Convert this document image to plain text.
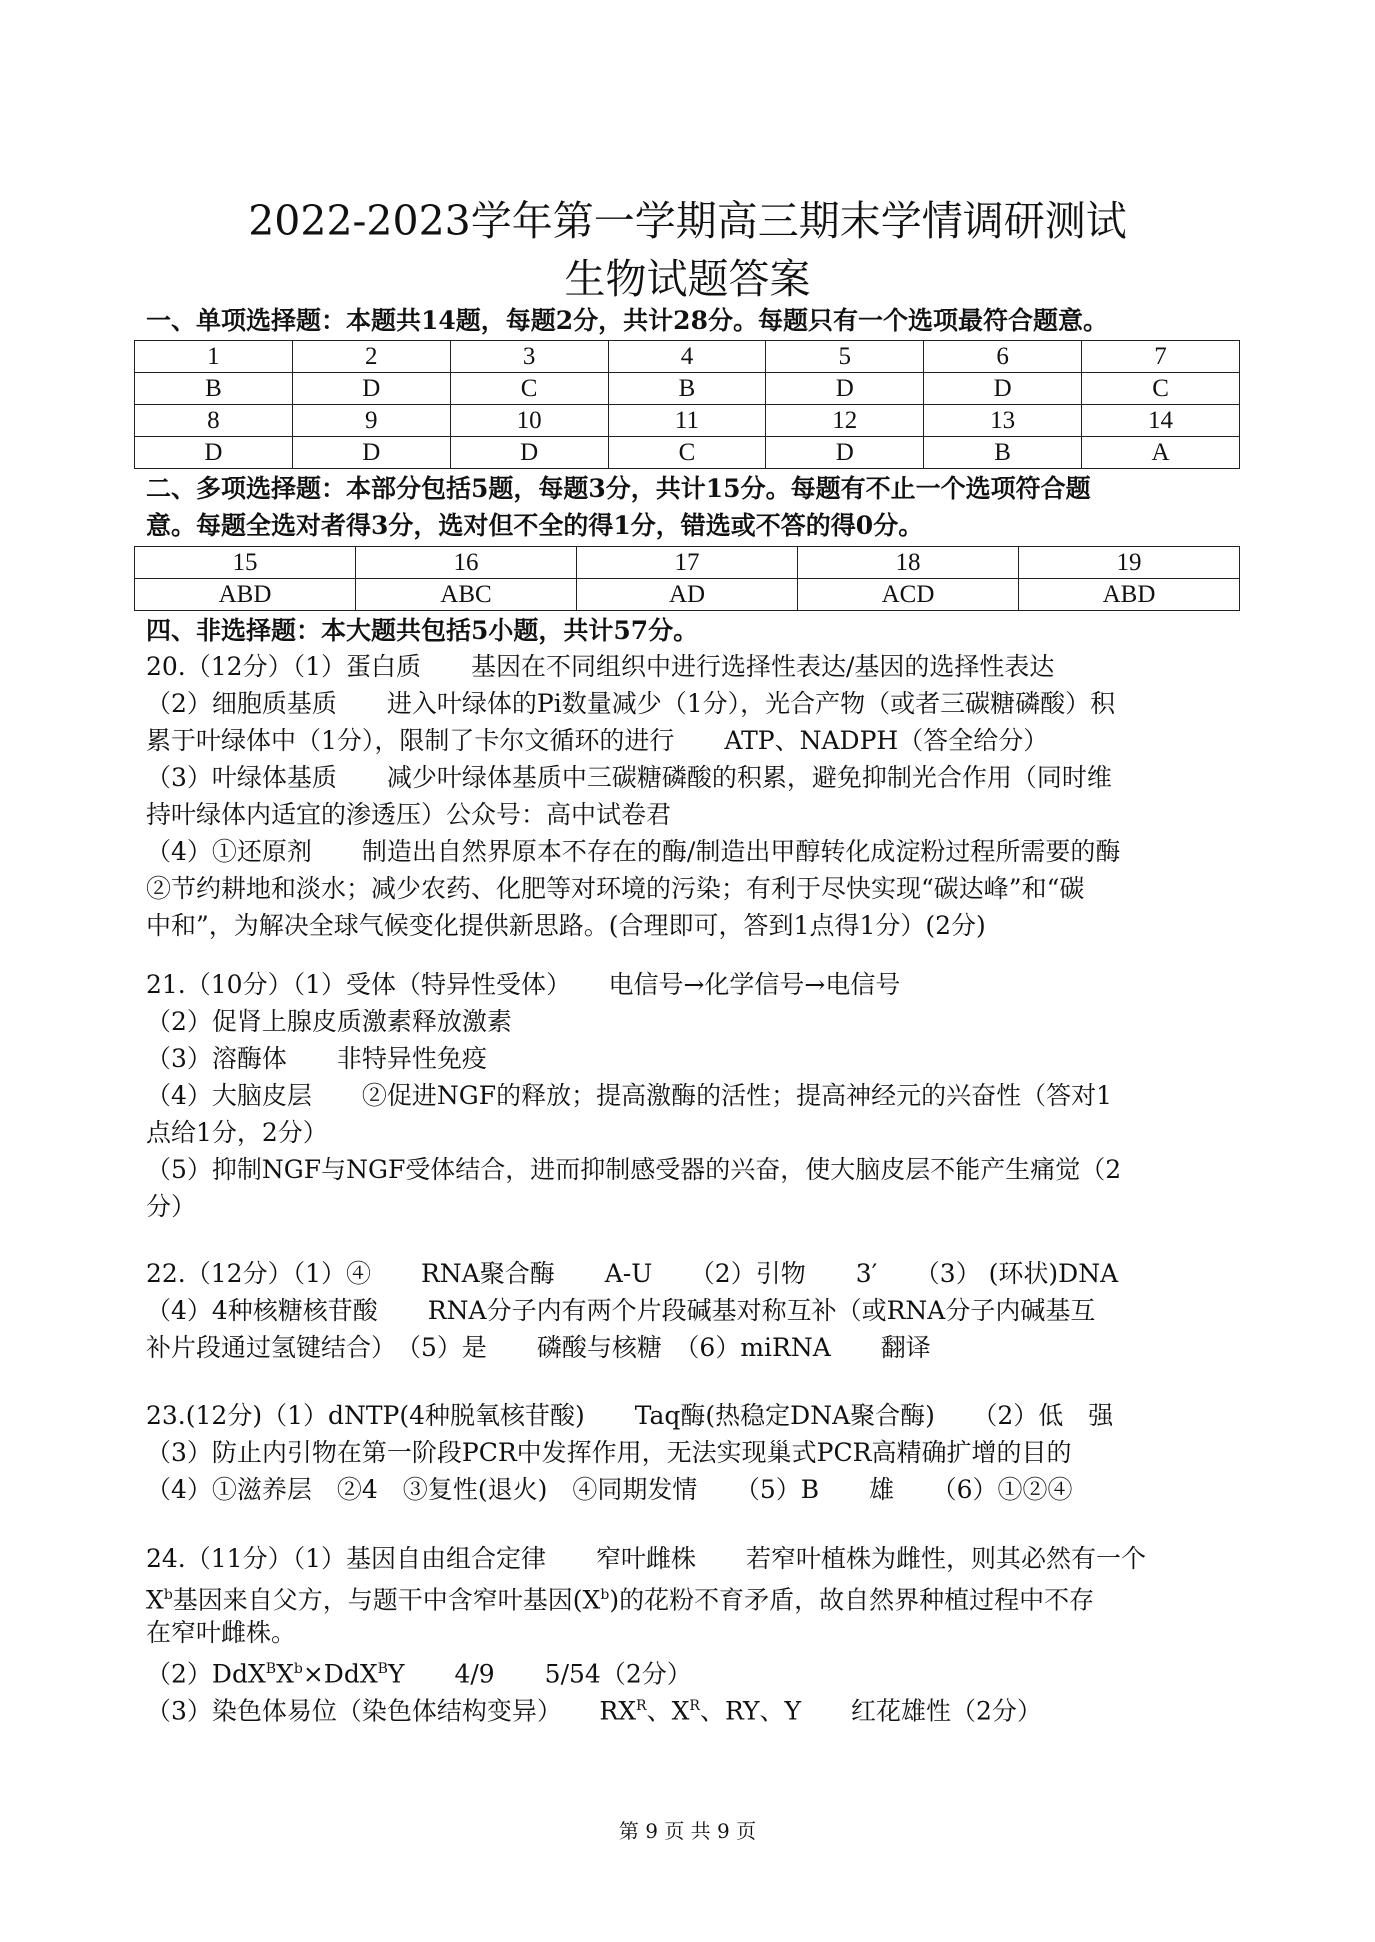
2022-2023学年第一学期高三期末学情调研测试
生物试题答案
一、单项选择题：本题共14题，每题2分，共计28分。每题只有一个选项最符合题意。
1	2	3	4	5	6	7
B	D	C	B	D	D	C
8	9	10	11	12	13	14
D	D	D	C	D	B	A
二、多项选择题：本部分包括5题，每题3分，共计15分。每题有不止一个选项符合题
意。每题全选对者得3分，选对但不全的得1分，错选或不答的得0分。
15	16	17	18	19
ABD	ABC	AD	ACD	ABD
四、非选择题：本大题共包括5小题，共计57分。
20.（12分）（1）蛋白质　　基因在不同组织中进行选择性表达/基因的选择性表达
（2）细胞质基质　　进入叶绿体的Pi数量减少（1分），光合产物（或者三碳糖磷酸）积
累于叶绿体中（1分），限制了卡尔文循环的进行　　ATP、NADPH（答全给分）
（3）叶绿体基质　　减少叶绿体基质中三碳糖磷酸的积累，避免抑制光合作用（同时维
持叶绿体内适宜的渗透压）公众号：高中试卷君
（4）①还原剂　　制造出自然界原本不存在的酶/制造出甲醇转化成淀粉过程所需要的酶
②节约耕地和淡水；减少农药、化肥等对环境的污染；有利于尽快实现“碳达峰”和“碳
中和”，为解决全球气候变化提供新思路。(合理即可，答到1点得1分）(2分)
21.（10分）（1）受体（特异性受体）　　电信号→化学信号→电信号
（2）促肾上腺皮质激素释放激素
（3）溶酶体　　非特异性免疫
（4）大脑皮层　　②促进NGF的释放；提高激酶的活性；提高神经元的兴奋性（答对1
点给1分，2分）
（5）抑制NGF与NGF受体结合，进而抑制感受器的兴奋，使大脑皮层不能产生痛觉（2
分）
22.（12分）（1）④　　RNA聚合酶　　A-U　　（2）引物　　3′　　（3） (环状)DNA
（4）4种核糖核苷酸　　RNA分子内有两个片段碱基对称互补（或RNA分子内碱基互
补片段通过氢键结合）　（5）是　　磷酸与核糖　（6）miRNA　　翻译
23.(12分)（1）dNTP(4种脱氧核苷酸)　　Taq酶(热稳定DNA聚合酶)　　（2）低　强
（3）防止内引物在第一阶段PCR中发挥作用，无法实现巢式PCR高精确扩增的目的
（4）①滋养层　②4　③复性(退火)　④同期发情　　（5）B　　雄　　（6）①②④
24.（11分）（1）基因自由组合定律　　窄叶雌株　　若窄叶植株为雌性，则其必然有一个
$X^b$基因来自父方，与题干中含窄叶基因$(X^b)$的花粉不育矛盾，故自然界种植过程中不存
在窄叶雌株。
$(2)DdX^BX^b\times DdX^BY$　　4/9　　5/54（2分）
（3）染色体易位（染色体结构变异）　　$RX^R$、$X^R$、RY、Y　　红花雄性（2分）
第 9 页 共 9 页
